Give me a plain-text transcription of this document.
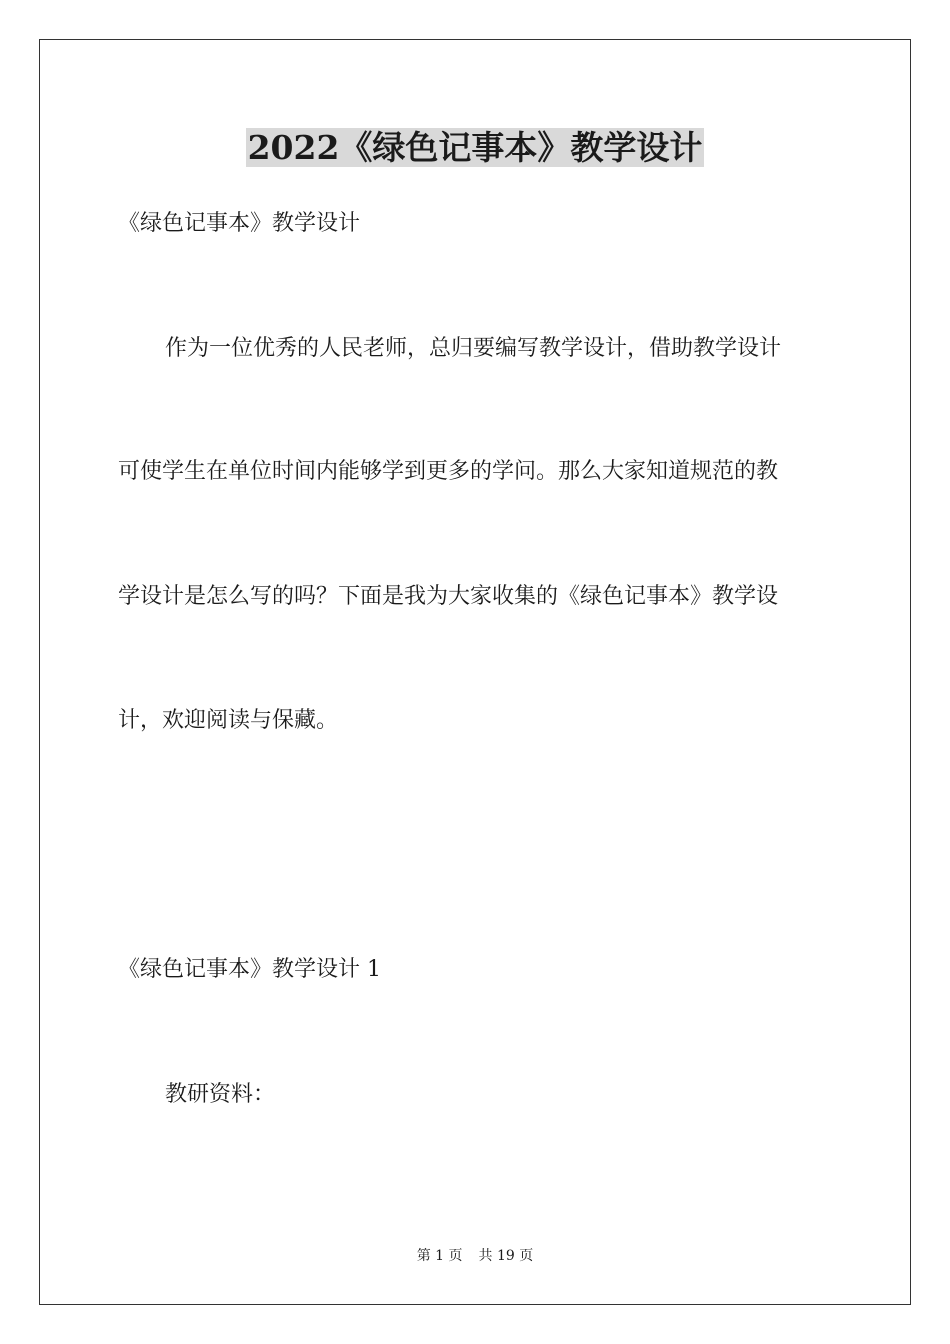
2022《绿色记事本》教学设计
《绿色记事本》教学设计
作为一位优秀的人民老师，总归要编写教学设计，借助教学设计
可使学生在单位时间内能够学到更多的学问。那么大家知道规范的教
学设计是怎么写的吗？下面是我为大家收集的《绿色记事本》教学设
计，欢迎阅读与保藏。
《绿色记事本》教学设计 1
教研资料：
第 1 页 共 19 页
